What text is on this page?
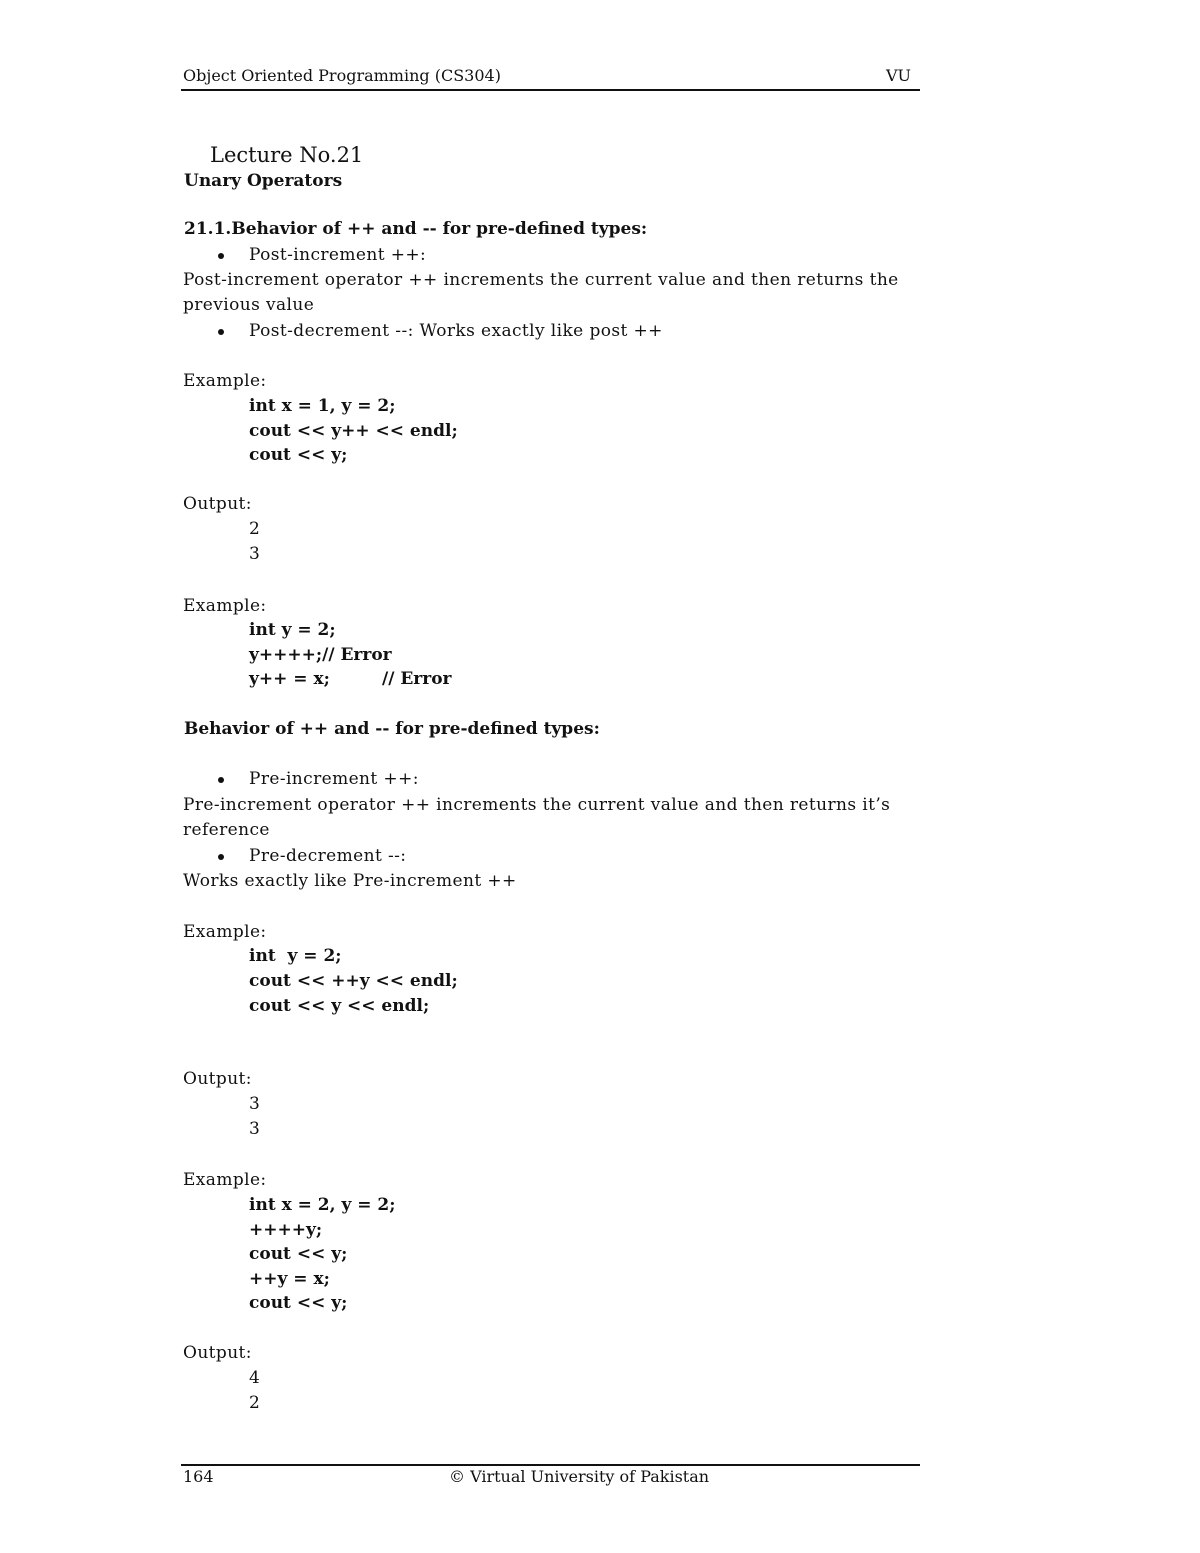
Object Oriented Programming (CS304)	VU
Lecture No.21
Unary Operators
21.1.Behavior of ++ and -- for pre-defined types:
Post-increment ++:
Post-increment operator ++ increments the current value and then returns the
previous value
Post-decrement --: Works exactly like post ++
Example:
int x = 1, y = 2;
cout << y++ << endl;
cout << y;
Output:
2
3
Example:
int y = 2;
y++++;// Error
y++ = x;	// Error
Behavior of ++ and -- for pre-defined types:
Pre-increment ++:
Pre-increment operator ++ increments the current value and then returns it’s
reference
Pre-decrement --:
Works exactly like Pre-increment ++
Example:
int  y = 2;
cout << ++y << endl;
cout << y << endl;
Output:
3
3
Example:
int x = 2, y = 2;
++++y;
cout << y;
++y = x;
cout << y;
Output:
4
2
164	© Virtual University of Pakistan
